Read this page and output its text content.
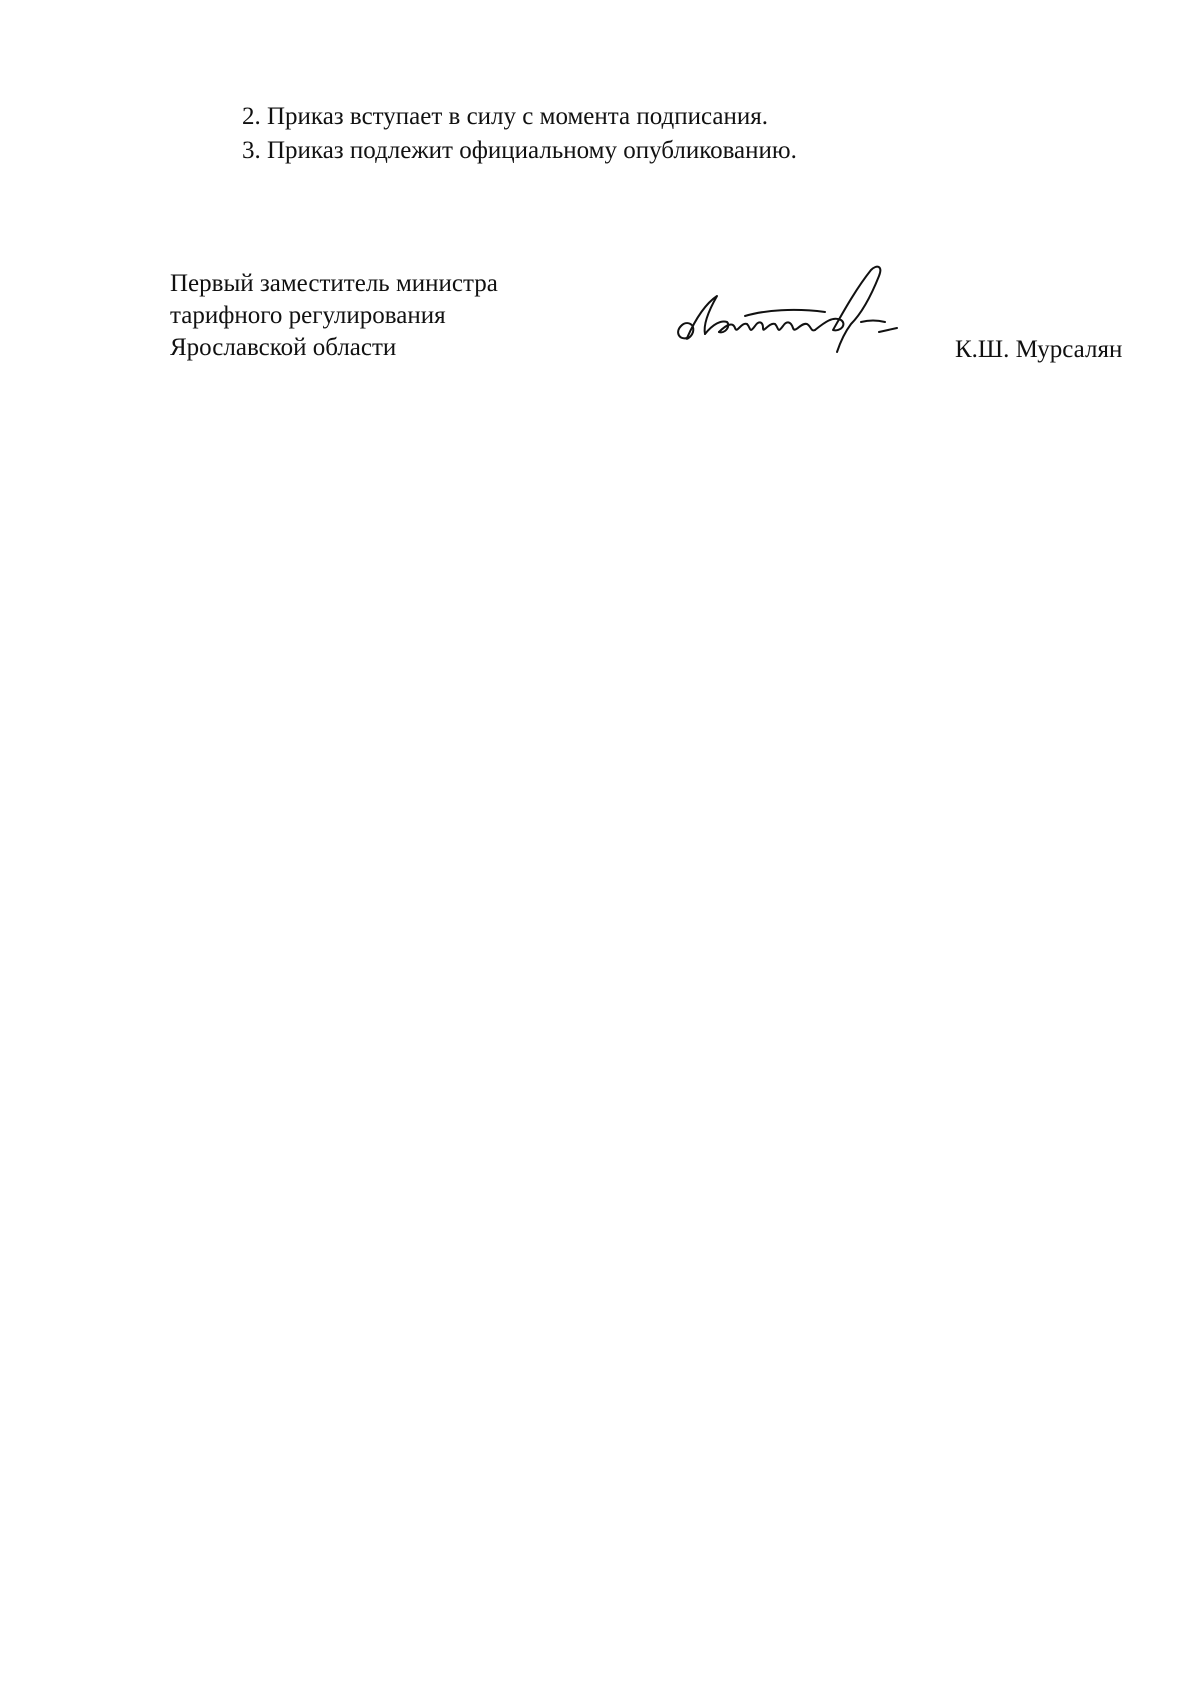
2. Приказ вступает в силу с момента подписания.

3. Приказ подлежит официальному опубликованию.

Первый заместитель министра
тарифного регулирования
Ярославской области	К.Ш. Мурсалян
